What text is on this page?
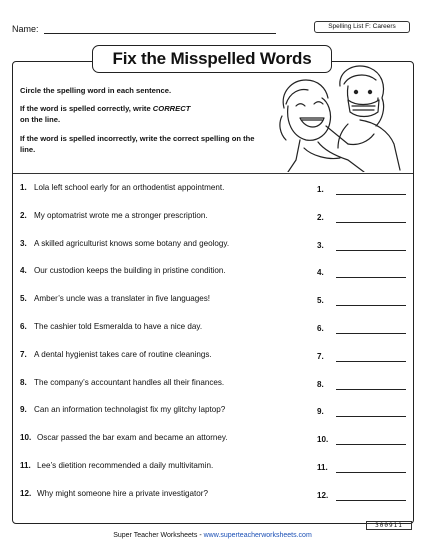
Name:	Spelling List F: Careers
Fix the Misspelled Words
Circle the spelling word in each sentence.
If the word is spelled correctly, write CORRECT
on the line.
If the word is spelled incorrectly, write the correct spelling on the line.
1. Lola left school early for an orthodentist appointment.	1.
2. My optomatrist wrote me a stronger prescription.	2.
3. A skilled agriculturist knows some botany and geology.	3.
4. Our custodion keeps the building in pristine condition.	4.
5. Amber’s uncle was a translater in five languages!	5.
6. The cashier told Esmeralda to have a nice day.	6.
7. A dental hygienist takes care of routine cleanings.	7.
8. The company’s accountant handles all their finances.	8.
9. Can an information technolagist fix my glitchy laptop?	9.
10. Oscar passed the bar exam and became an attorney.	10.
11. Lee’s dietition recommended a daily multivitamin.	11.
12. Why might someone hire a private investigator?	12.
Super Teacher Worksheets - www.superteacherworksheets.com
300911
